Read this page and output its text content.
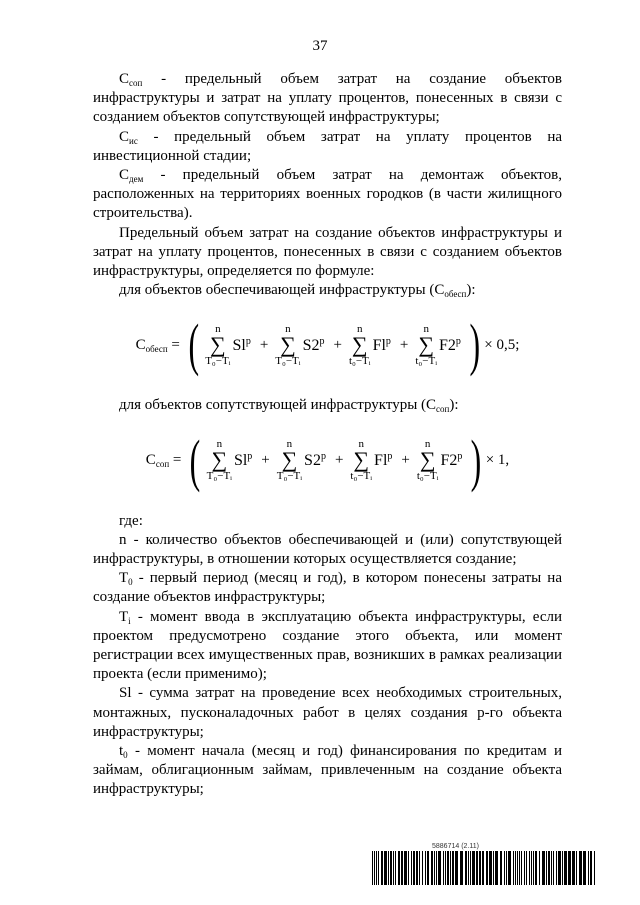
37

$С_{соп}$ - предельный объем затрат на создание объектов инфраструктуры и затрат на уплату процентов, понесенных в связи с созданием объектов сопутствующей инфраструктуры;

$С_{ис}$ - предельный объем затрат на уплату процентов на инвестиционной стадии;

$С_{дем}$ - предельный объем затрат на демонтаж объектов, расположенных на территориях военных городков (в части жилищного строительства).

Предельный объем затрат на создание объектов инфраструктуры и затрат на уплату процентов, понесенных в связи с созданием объектов инфраструктуры, определяется по формуле:

для объектов обеспечивающей инфраструктуры $(С_{обесп})$:

$С_{обесп}$ = ( n
∑
T₀−Tᵢ
$Sl^p$ +
n
∑
T₀−Tᵢ
$S2^p$ +
n
∑
t₀−Tᵢ
$Fl^p$ +
n
∑
t₀−Tᵢ
F2$^p$ ) × 0,5;

для объектов сопутствующей инфраструктуры $(С_{соп})$:

$С_{соп}$ = ( n
∑
T₀−Tᵢ
$Sl^p$ +
n
∑
T₀−Tᵢ
$S2^p$ +
n
∑
t₀−Tᵢ
$Fl^p$ +
n
∑
t₀−Tᵢ
F2$^p$ ) × 1,

где:

n - количество объектов обеспечивающей и (или) сопутствующей инфраструктуры, в отношении которых осуществляется создание;

$T_0$ - первый период (месяц и год), в котором понесены затраты на создание объектов инфраструктуры;

$T_i$ - момент ввода в эксплуатацию объекта инфраструктуры, если проектом предусмотрено создание этого объекта, или момент регистрации всех имущественных прав, возникших в рамках реализации проекта (если применимо);

Sl - сумма затрат на проведение всех необходимых строительных, монтажных, пусконаладочных работ в целях создания р-го объекта инфраструктуры;

$t_0$ - момент начала (месяц и год) финансирования по кредитам и займам, облигационным займам, привлеченным на создание объекта инфраструктуры;

5886714 (2.11)
